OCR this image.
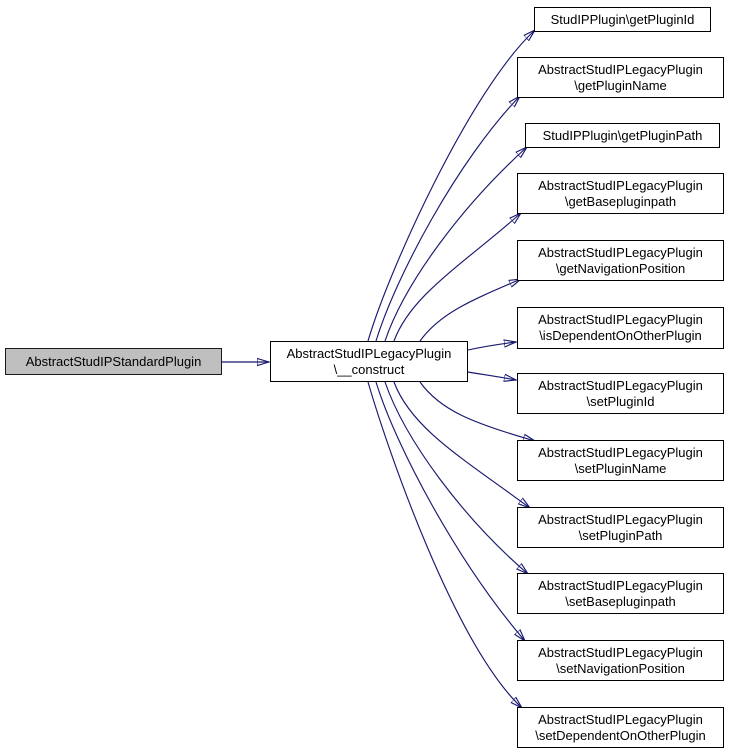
AbstractStudIPStandardPlugin
AbstractStudIPLegacyPlugin
\__construct
StudIPPlugin\getPluginId
AbstractStudIPLegacyPlugin
\getPluginName
StudIPPlugin\getPluginPath
AbstractStudIPLegacyPlugin
\getBasepluginpath
AbstractStudIPLegacyPlugin
\getNavigationPosition
AbstractStudIPLegacyPlugin
\isDependentOnOtherPlugin
AbstractStudIPLegacyPlugin
\setPluginId
AbstractStudIPLegacyPlugin
\setPluginName
AbstractStudIPLegacyPlugin
\setPluginPath
AbstractStudIPLegacyPlugin
\setBasepluginpath
AbstractStudIPLegacyPlugin
\setNavigationPosition
AbstractStudIPLegacyPlugin
\setDependentOnOtherPlugin
